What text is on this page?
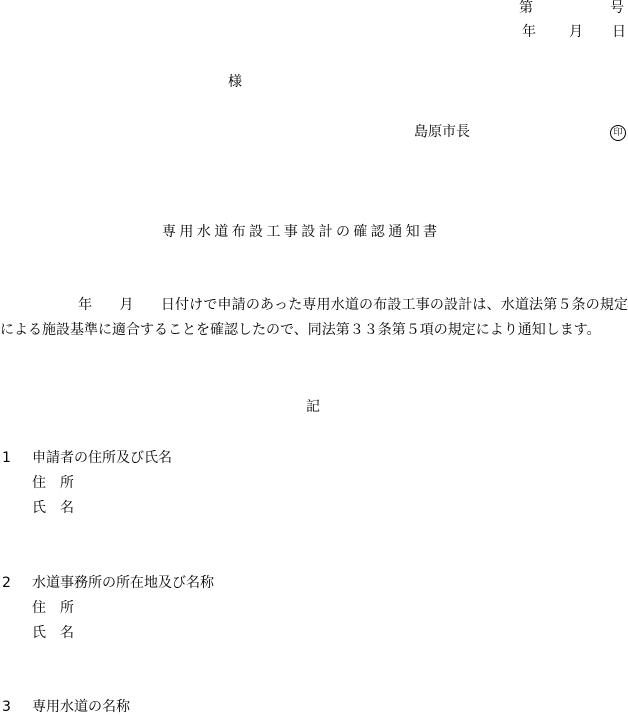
第	号
年 月 日
様
島原市長	印
専用水道布設工事設計の確認通知書
年 月 日付けで申請のあった専用水道の布設工事の設計は、水道法第５条の規定による施設基準に適合することを確認したので、同法第３３条第５項の規定により通知します。
記
1 申請者の住所及び氏名
住　所
氏　名
2 水道事務所の所在地及び名称
住　所
氏　名
3 専用水道の名称
